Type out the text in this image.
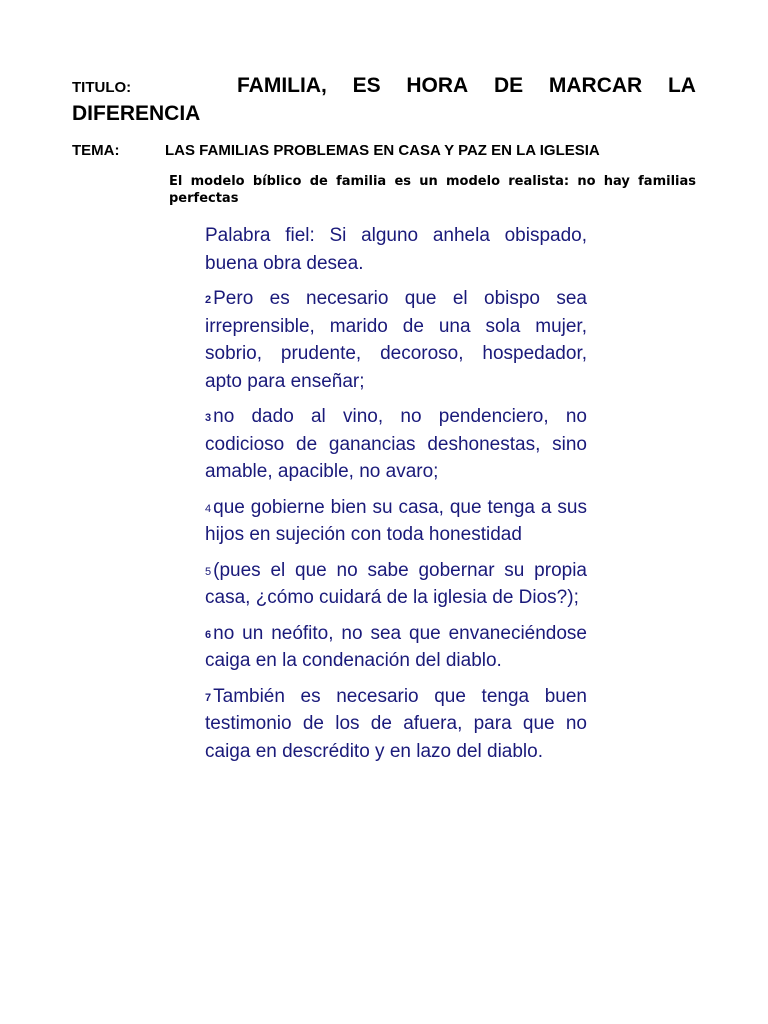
TITULO:	FAMILIA, ES HORA DE MARCAR LA
DIFERENCIA
TEMA:	LAS FAMILIAS PROBLEMAS EN CASA Y PAZ EN LA IGLESIA
El modelo bíblico de familia es un modelo realista: no hay familias perfectas

Palabra fiel: Si alguno anhela obispado, buena obra desea.

$^2$ Pero es necesario que el obispo sea irreprensible, marido de una sola mujer, sobrio, prudente, decoroso, hospedador, apto para enseñar;

$^3$ no dado al vino, no pendenciero, no codicioso de ganancias deshonestas, sino amable, apacible, no avaro;

$^4$ que gobierne bien su casa, que tenga a sus hijos en sujeción con toda honestidad

$^5$ (pues el que no sabe gobernar su propia casa, ¿cómo cuidará de la iglesia de Dios?);

$^6$ no un neófito, no sea que envaneciéndose caiga en la condenación del diablo.

$^7$ También es necesario que tenga buen testimonio de los de afuera, para que no caiga en descrédito y en lazo del diablo.
